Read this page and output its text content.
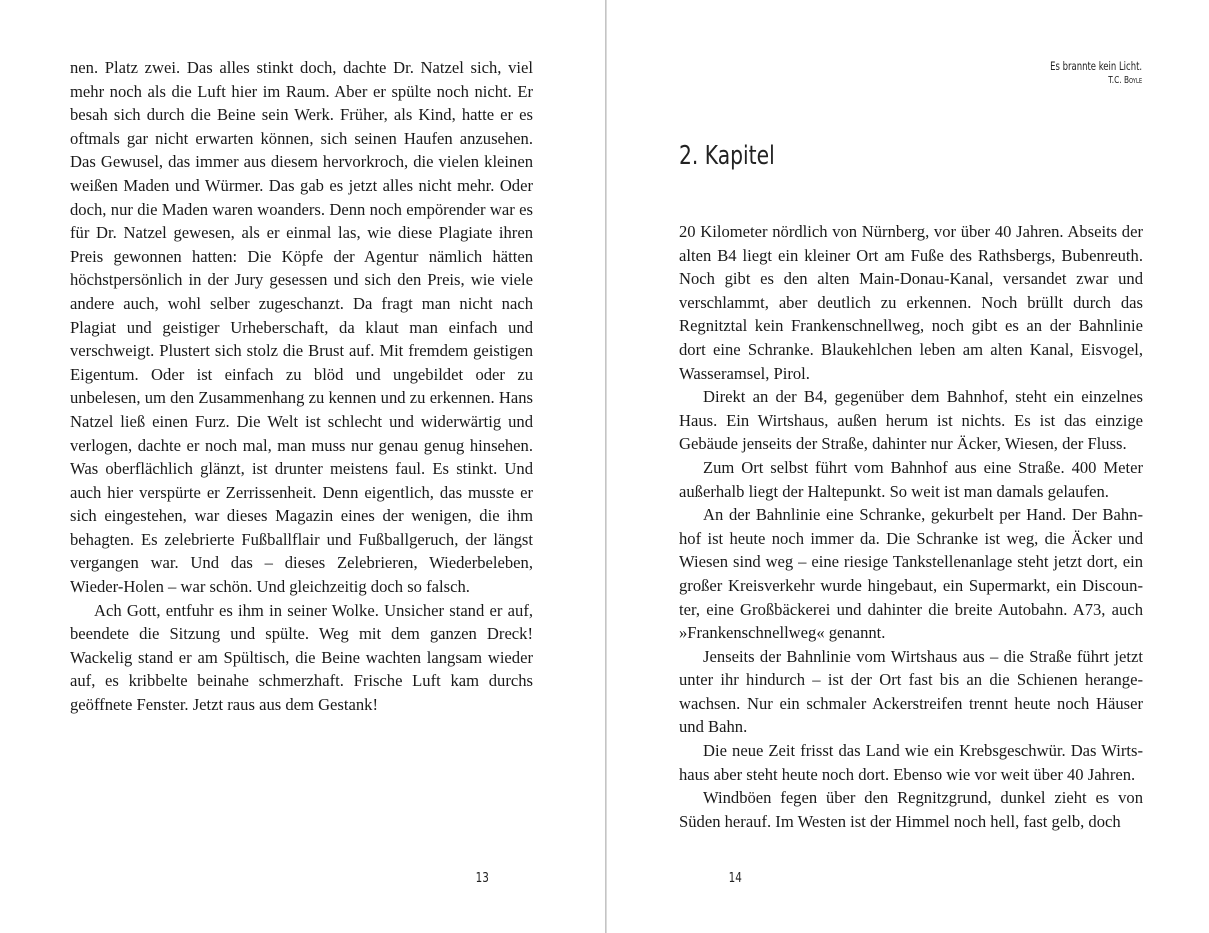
nen. Platz zwei. Das alles stinkt doch, dachte Dr. Natzel sich, viel mehr noch als die Luft hier im Raum. Aber er spülte noch nicht. Er besah sich durch die Beine sein Werk. Früher, als Kind, hatte er es oftmals gar nicht erwarten können, sich seinen Haufen anzusehen. Das Gewusel, das immer aus diesem hervorkroch, die vielen kleinen weißen Maden und Würmer. Das gab es jetzt alles nicht mehr. Oder doch, nur die Maden waren woanders. Denn noch empörender war es für Dr. Natzel gewesen, als er einmal las, wie diese Plagiate ihren Preis gewonnen hatten: Die Köpfe der Agentur nämlich hätten höchstpersönlich in der Jury gesessen und sich den Preis, wie viele andere auch, wohl selber zugeschanzt. Da fragt man nicht nach Plagiat und geistiger Urheberschaft, da klaut man einfach und verschweigt. Plustert sich stolz die Brust auf. Mit fremdem geistigen Eigentum. Oder ist einfach zu blöd und ungebildet oder zu unbelesen, um den Zusammenhang zu kennen und zu erkennen. Hans Natzel ließ einen Furz. Die Welt ist schlecht und widerwärtig und verlogen, dachte er noch mal, man muss nur genau genug hinsehen. Was oberflächlich glänzt, ist drunter meistens faul. Es stinkt. Und auch hier verspürte er Zerrissenheit. Denn eigentlich, das musste er sich eingestehen, war dieses Magazin eines der wenigen, die ihm behagten. Es zelebrierte Fußballflair und Fußballgeruch, der längst vergangen war. Und das – dieses Zelebrieren, Wiederbeleben, Wieder-Holen – war schön. Und gleichzeitig doch so falsch.

Ach Gott, entfuhr es ihm in seiner Wolke. Unsicher stand er auf, beendete die Sitzung und spülte. Weg mit dem ganzen Dreck! Wackelig stand er am Spültisch, die Beine wachten langsam wieder auf, es kribbelte beinahe schmerzhaft. Frische Luft kam durchs geöffnete Fenster. Jetzt raus aus dem Gestank!

13
Es brannte kein Licht.
T.C. Boyle
2. Kapitel

20 Kilometer nördlich von Nürnberg, vor über 40 Jahren. Abseits der alten B4 liegt ein kleiner Ort am Fuße des Rathsbergs, Bubenreuth. Noch gibt es den alten Main-Donau-Kanal, versandet zwar und verschlammt, aber deutlich zu erkennen. Noch brüllt durch das Regnitztal kein Frankenschnellweg, noch gibt es an der Bahnlinie dort eine Schranke. Blaukehlchen leben am alten Kanal, Eisvogel, Wasseramsel, Pirol.

Direkt an der B4, gegenüber dem Bahnhof, steht ein einzelnes Haus. Ein Wirtshaus, außen herum ist nichts. Es ist das einzige Gebäude jenseits der Straße, dahinter nur Äcker, Wiesen, der Fluss.

Zum Ort selbst führt vom Bahnhof aus eine Straße. 400 Meter außerhalb liegt der Haltepunkt. So weit ist man damals gelaufen.

An der Bahnlinie eine Schranke, gekurbelt per Hand. Der Bahnhof ist heute noch immer da. Die Schranke ist weg, die Äcker und Wiesen sind weg – eine riesige Tankstellenanlage steht jetzt dort, ein großer Kreisverkehr wurde hingebaut, ein Supermarkt, ein Discounter, eine Großbäckerei und dahinter die breite Autobahn. A73, auch »Frankenschnellweg« genannt.

Jenseits der Bahnlinie vom Wirtshaus aus – die Straße führt jetzt unter ihr hindurch – ist der Ort fast bis an die Schienen herangewachsen. Nur ein schmaler Ackerstreifen trennt heute noch Häuser und Bahn.

Die neue Zeit frisst das Land wie ein Krebsgeschwür. Das Wirtshaus aber steht heute noch dort. Ebenso wie vor weit über 40 Jahren.

Windböen fegen über den Regnitzgrund, dunkel zieht es von Süden herauf. Im Westen ist der Himmel noch hell, fast gelb, doch

14
